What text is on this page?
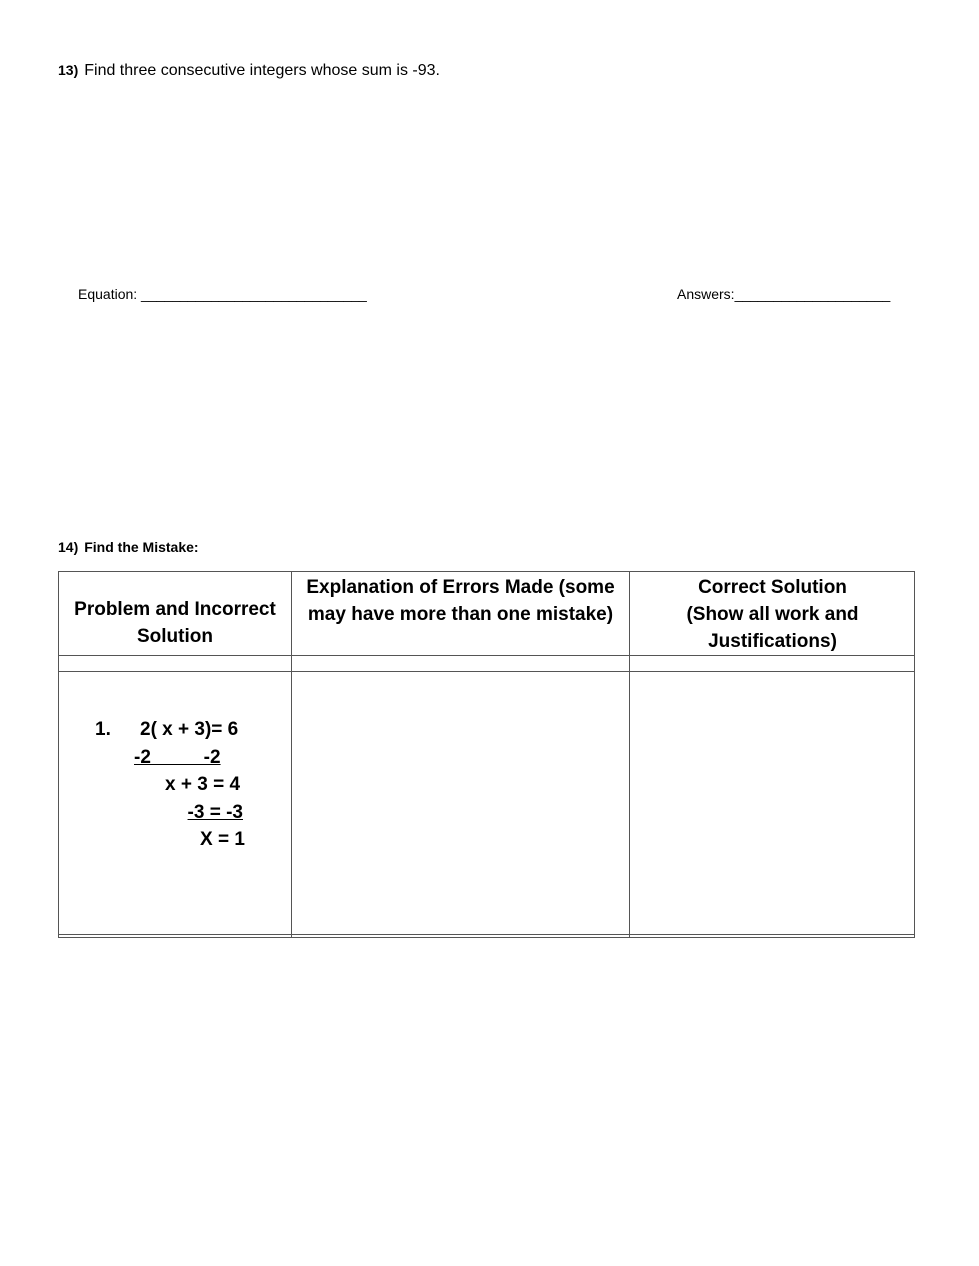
13) Find three consecutive integers whose sum is -93.
Equation: _____________________________	Answers:____________________
14) Find the Mistake:
Problem and Incorrect
Solution
Explanation of Errors Made (some
may have more than one mistake)
Correct Solution
(Show all work and
Justifications)
1. 2( x + 3)= 6
-2          -2
x + 3 = 4
-3 = -3
X = 1
